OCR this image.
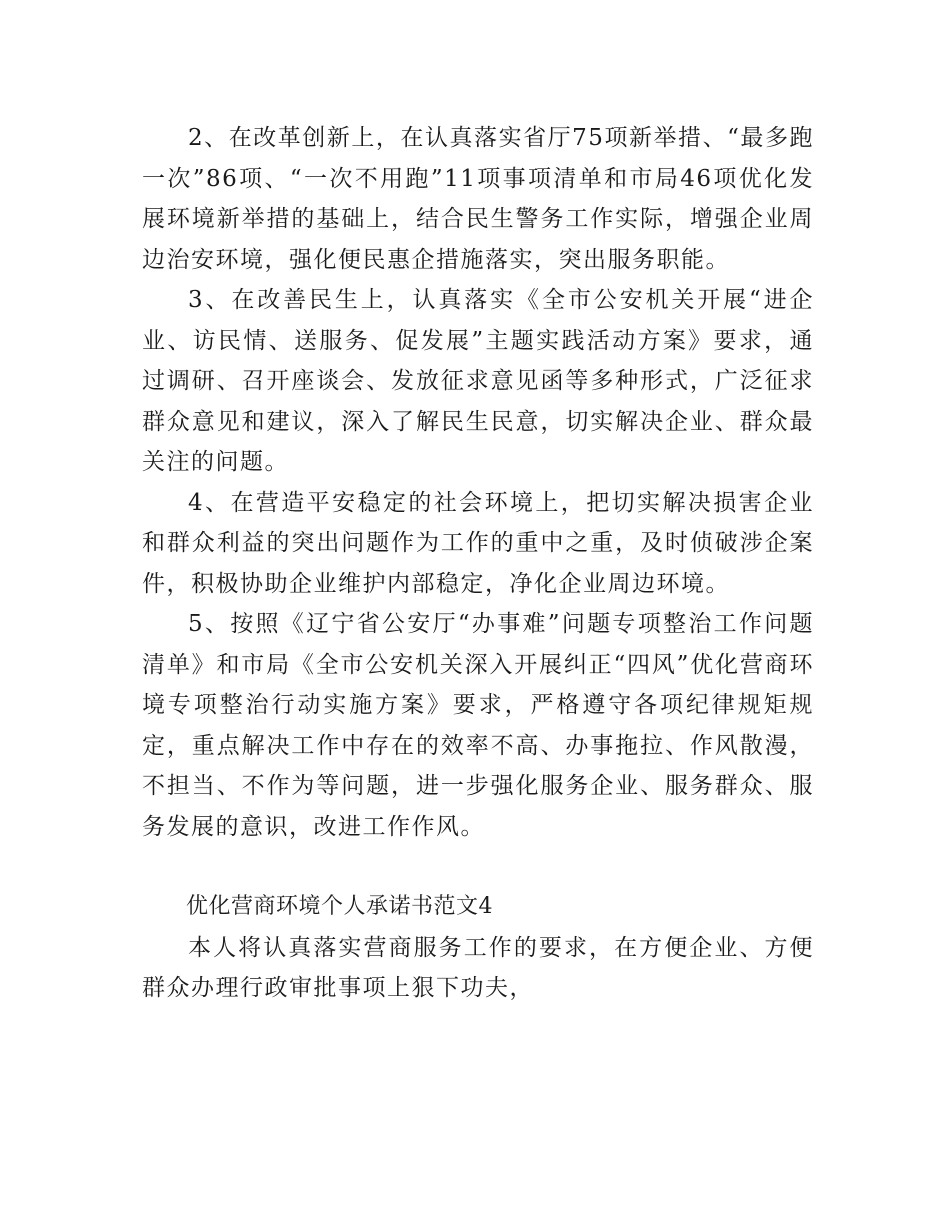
2、在改革创新上，在认真落实省厅75项新举措、“最多跑一次”86项、“一次不用跑”11项事项清单和市局46项优化发展环境新举措的基础上，结合民生警务工作实际，增强企业周边治安环境，强化便民惠企措施落实，突出服务职能。

3、在改善民生上，认真落实《全市公安机关开展“进企业、访民情、送服务、促发展”主题实践活动方案》要求，通过调研、召开座谈会、发放征求意见函等多种形式，广泛征求群众意见和建议，深入了解民生民意，切实解决企业、群众最关注的问题。

4、在营造平安稳定的社会环境上，把切实解决损害企业和群众利益的突出问题作为工作的重中之重，及时侦破涉企案件，积极协助企业维护内部稳定，净化企业周边环境。

5、按照《辽宁省公安厅“办事难”问题专项整治工作问题清单》和市局《全市公安机关深入开展纠正“四风”优化营商环境专项整治行动实施方案》要求，严格遵守各项纪律规矩规定，重点解决工作中存在的效率不高、办事拖拉、作风散漫，不担当、不作为等问题，进一步强化服务企业、服务群众、服务发展的意识，改进工作作风。

优化营商环境个人承诺书范文4

本人将认真落实营商服务工作的要求，在方便企业、方便群众办理行政审批事项上狠下功夫，
